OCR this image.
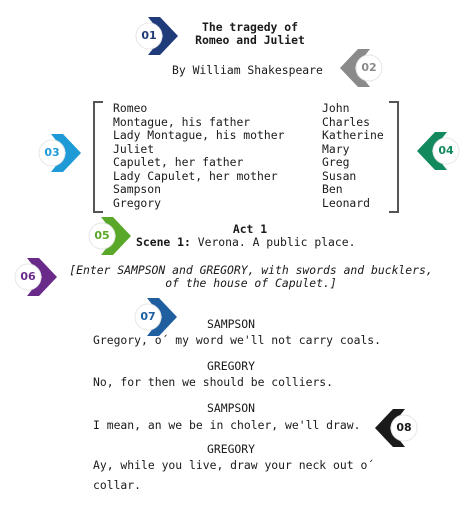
The tragedy of
Romeo and Juliet
By William Shakespeare
Romeo
Montague, his father
Lady Montague, his mother
Juliet
Capulet, her father
Lady Capulet, her mother
Sampson
Gregory
John
Charles
Katherine
Mary
Greg
Susan
Ben
Leonard
Act 1
Scene 1: Verona. A public place.
[Enter SAMPSON and GREGORY, with swords and bucklers,
of the house of Capulet.]
SAMPSON
Gregory, o´ my word we'll not carry coals.
GREGORY
No, for then we should be colliers.
SAMPSON
I mean, an we be in choler, we'll draw.
GREGORY
Ay, while you live, draw your neck out o´
collar.
01
02
03	04
05
06
07
08
